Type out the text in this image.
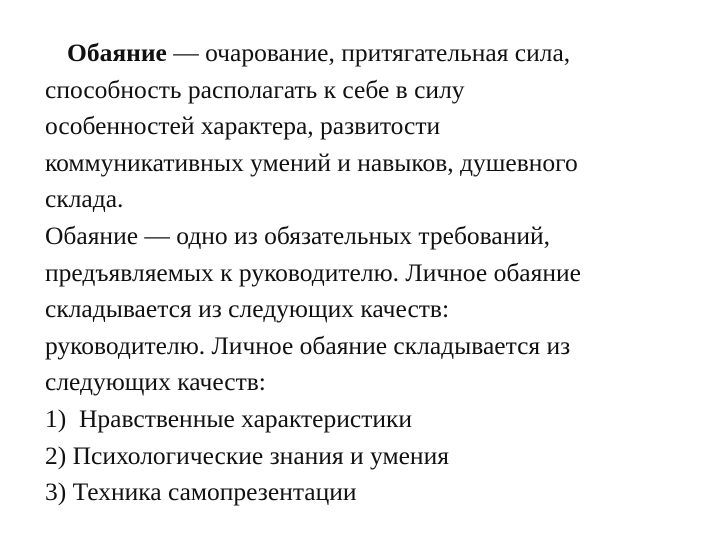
Обаяние — очарование, притягательная сила,
способность располагать к себе в силу
особенностей характера, развитости
коммуникативных умений и навыков, душевного
склада.
Обаяние — одно из обязательных требований,
предъявляемых к руководителю. Личное обаяние
складывается из следующих качеств:
руководителю. Личное обаяние складывается из
следующих качеств:
1)  Нравственные характеристики
2) Психологические знания и умения
3) Техника самопрезентации
